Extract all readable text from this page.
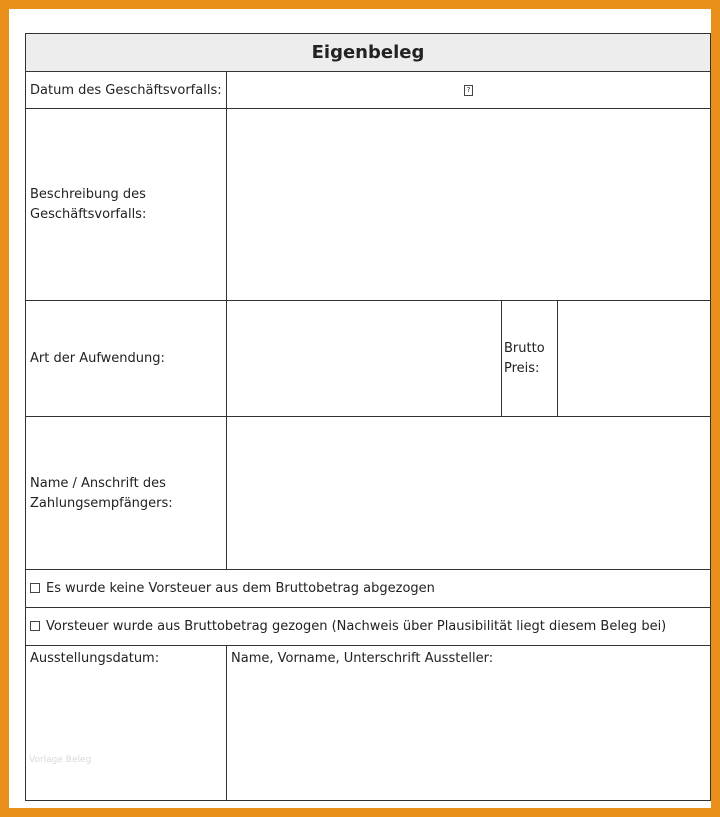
Eigenbeleg
Datum des Geschäftsvorfalls:	?
Beschreibung des
Geschäftsvorfalls:
Art der Aufwendung:
Brutto
Preis:
Name / Anschrift des
Zahlungsempfängers:
Es wurde keine Vorsteuer aus dem Bruttobetrag abgezogen
Vorsteuer wurde aus Bruttobetrag gezogen (Nachweis über Plausibilität liegt diesem Beleg bei)
Ausstellungsdatum:	Name, Vorname, Unterschrift Aussteller:
Vorlage Beleg
